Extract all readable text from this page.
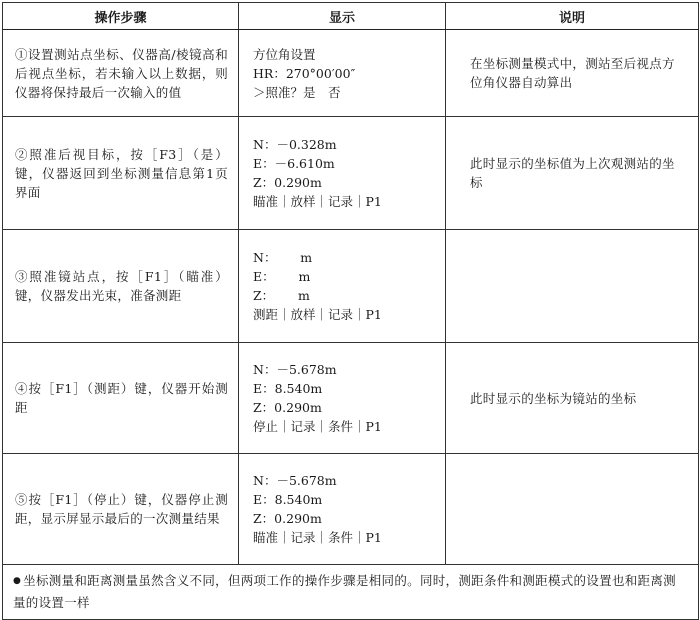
操作步骤	显示	说明

①设置测站点坐标、仪器高/棱镜高和后视点坐标，若未输入以上数据，则仪器将保持最后一次输入的值	方位角设置
HR：270°00′00″
＞照准？是　否	在坐标测量模式中，测站至后视点方位角仪器自动算出

②照准后视目标，按［F3］（是）键，仪器返回到坐标测量信息第1页界面	N：－0.328m
E：－6.610m
Z：0.290m
瞄准｜放样｜记录｜P1	此时显示的坐标值为上次观测站的坐标

③照准镜站点，按［F1］（瞄准）键，仪器发出光束，准备测距	N：      m
E：      m
Z：      m
测距｜放样｜记录｜P1	

④按［F1］（测距）键，仪器开始测距	N：－5.678m
E：8.540m
Z：0.290m
停止｜记录｜条件｜P1	此时显示的坐标为镜站的坐标

⑤按［F1］（停止）键，仪器停止测距，显示屏显示最后的一次测量结果	N：－5.678m
E：8.540m
Z：0.290m
瞄准｜记录｜条件｜P1	

● 坐标测量和距离测量虽然含义不同，但两项工作的操作步骤是相同的。同时，测距条件和测距模式的设置也和距离测量的设置一样		
